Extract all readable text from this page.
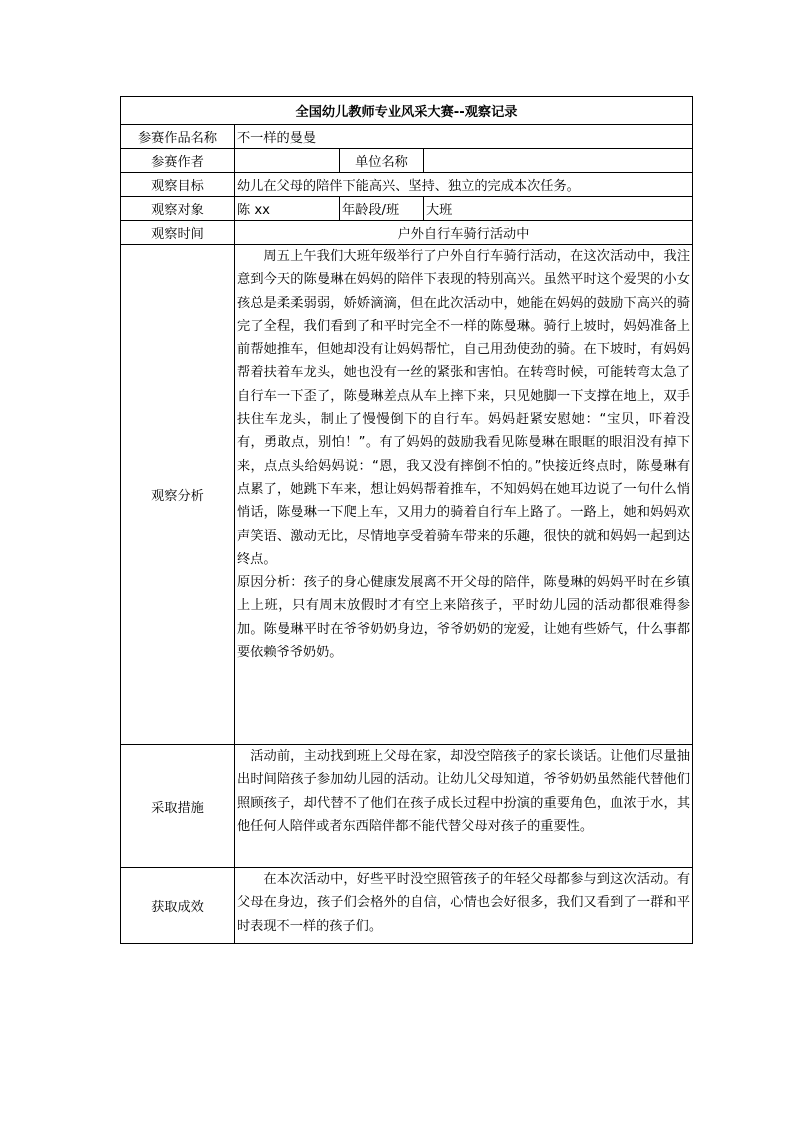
全国幼儿教师专业风采大赛--观察记录			
参赛作品名称	不一样的曼曼		
参赛作者		单位名称	
观察目标	幼儿在父母的陪伴下能高兴、坚持、独立的完成本次任务。		
观察对象	陈 xx	年龄段/班	大班
观察时间	户外自行车骑行活动中		
观察分析	周五上午我们大班年级举行了户外自行车骑行活动，在这次活动中，我注意到今天的陈曼琳在妈妈的陪伴下表现的特别高兴。虽然平时这个爱哭的小女孩总是柔柔弱弱，娇娇滴滴，但在此次活动中，她能在妈妈的鼓励下高兴的骑完了全程，我们看到了和平时完全不一样的陈曼琳。骑行上坡时，妈妈准备上前帮她推车，但她却没有让妈妈帮忙，自己用劲使劲的骑。在下坡时，有妈妈帮着扶着车龙头，她也没有一丝的紧张和害怕。在转弯时候，可能转弯太急了自行车一下歪了，陈曼琳差点从车上摔下来，只见她脚一下支撑在地上，双手扶住车龙头，制止了慢慢倒下的自行车。妈妈赶紧安慰她：“宝贝，吓着没有，勇敢点，别怕！”。有了妈妈的鼓励我看见陈曼琳在眼眶的眼泪没有掉下来，点点头给妈妈说：“恩，我又没有摔倒不怕的。”快接近终点时，陈曼琳有点累了，她跳下车来，想让妈妈帮着推车，不知妈妈在她耳边说了一句什么悄悄话，陈曼琳一下爬上车，又用力的骑着自行车上路了。一路上，她和妈妈欢声笑语、激动无比，尽情地享受着骑车带来的乐趣，很快的就和妈妈一起到达终点。

原因分析：孩子的身心健康发展离不开父母的陪伴，陈曼琳的妈妈平时在乡镇上上班，只有周末放假时才有空上来陪孩子，平时幼儿园的活动都很难得参加。陈曼琳平时在爷爷奶奶身边，爷爷奶奶的宠爱，让她有些娇气，什么事都要依赖爷爷奶奶。		

采取措施	活动前，主动找到班上父母在家，却没空陪孩子的家长谈话。让他们尽量抽出时间陪孩子参加幼儿园的活动。让幼儿父母知道，爷爷奶奶虽然能代替他们照顾孩子，却代替不了他们在孩子成长过程中扮演的重要角色，血浓于水，其他任何人陪伴或者东西陪伴都不能代替父母对孩子的重要性。		

获取成效	在本次活动中，好些平时没空照管孩子的年轻父母都参与到这次活动。有父母在身边，孩子们会格外的自信，心情也会好很多，我们又看到了一群和平时表现不一样的孩子们。		
